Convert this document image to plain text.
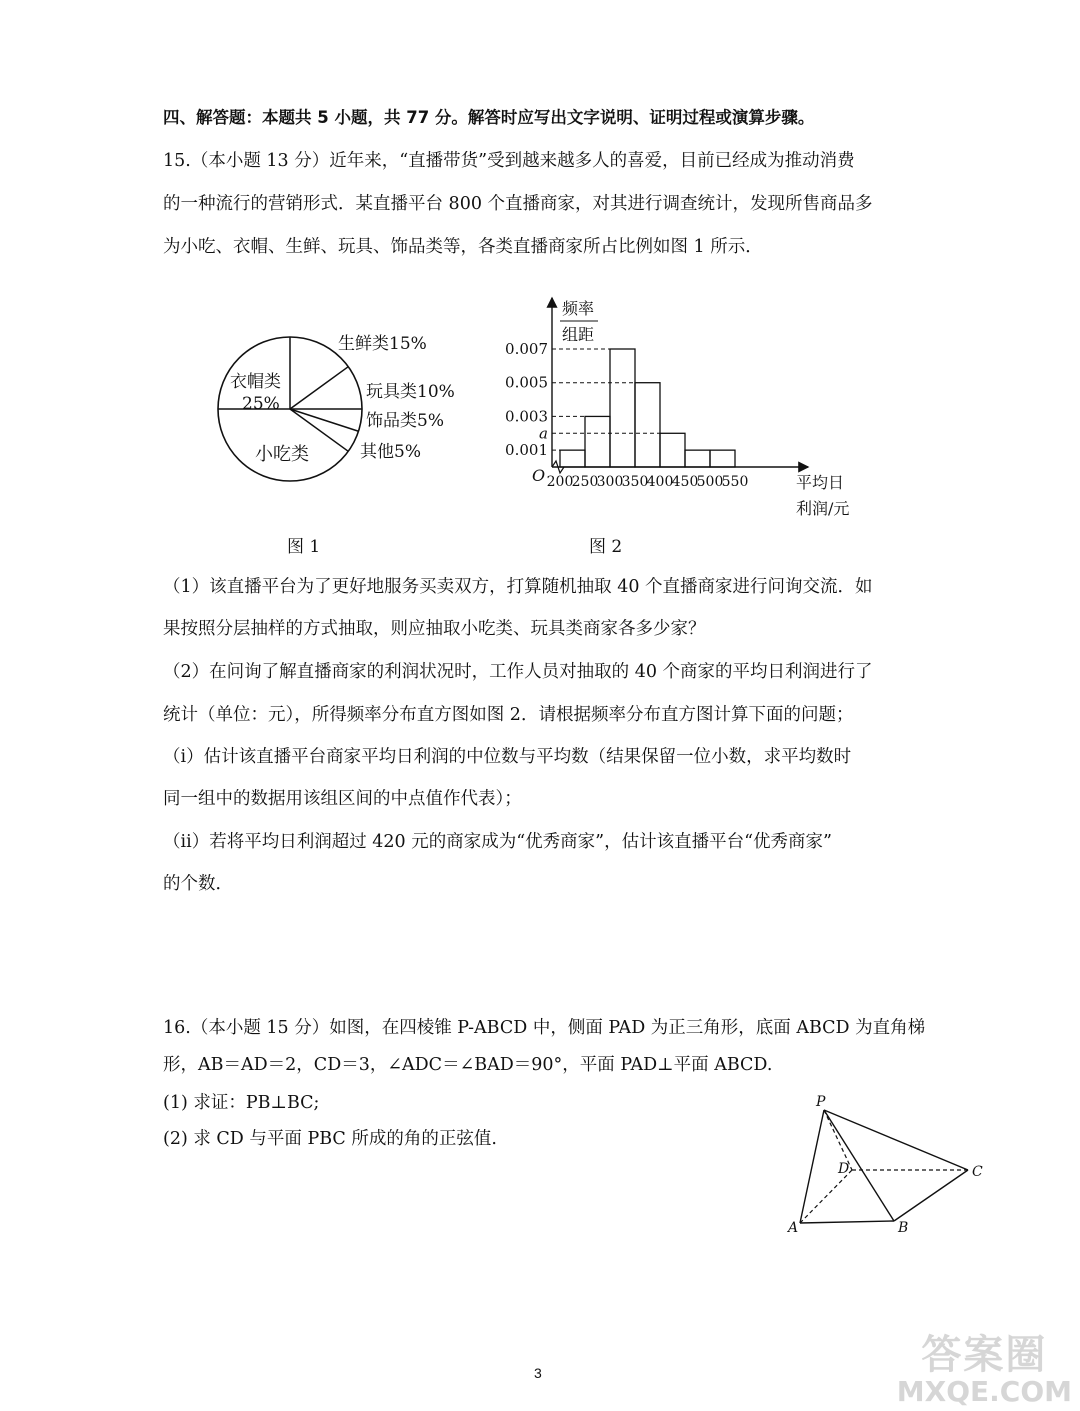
四、解答题：本题共 5 小题，共 77 分。解答时应写出文字说明、证明过程或演算步骤。
15.（本小题 13 分）近年来，“直播带货”受到越来越多人的喜爱，目前已经成为推动消费
的一种流行的营销形式．某直播平台 800 个直播商家，对其进行调查统计，发现所售商品多
为小吃、衣帽、生鲜、玩具、饰品类等，各类直播商家所占比例如图 1 所示．
生鲜类15%
玩具类10%
饰品类5%
其他5%
小吃类
衣帽类
25%
200
250
300
350
400
450
500
550
0.001
a
0.003
0.005
0.007
频率
组距
O	平均日
利润/元
图 1	图 2
（1）该直播平台为了更好地服务买卖双方，打算随机抽取 40 个直播商家进行问询交流．如
果按照分层抽样的方式抽取，则应抽取小吃类、玩具类商家各多少家？
（2）在问询了解直播商家的利润状况时，工作人员对抽取的 40 个商家的平均日利润进行了
统计（单位：元），所得频率分布直方图如图 2．请根据频率分布直方图计算下面的问题；
（ⅰ）估计该直播平台商家平均日利润的中位数与平均数（结果保留一位小数，求平均数时
同一组中的数据用该组区间的中点值作代表）；
（ⅱ）若将平均日利润超过 420 元的商家成为“优秀商家”，估计该直播平台“优秀商家”
的个数．
16.（本小题 15 分）如图，在四棱锥 P-ABCD 中，侧面 PAD 为正三角形，底面 ABCD 为直角梯
形，AB＝AD＝2，CD＝3，∠ADC＝∠BAD＝90°，平面 PAD⊥平面 ABCD.
(1) 求证：PB⊥BC;
(2) 求 CD 与平面 PBC 所成的角的正弦值.
P
D	C
A	B
3	答案圈
MXQE.COM
